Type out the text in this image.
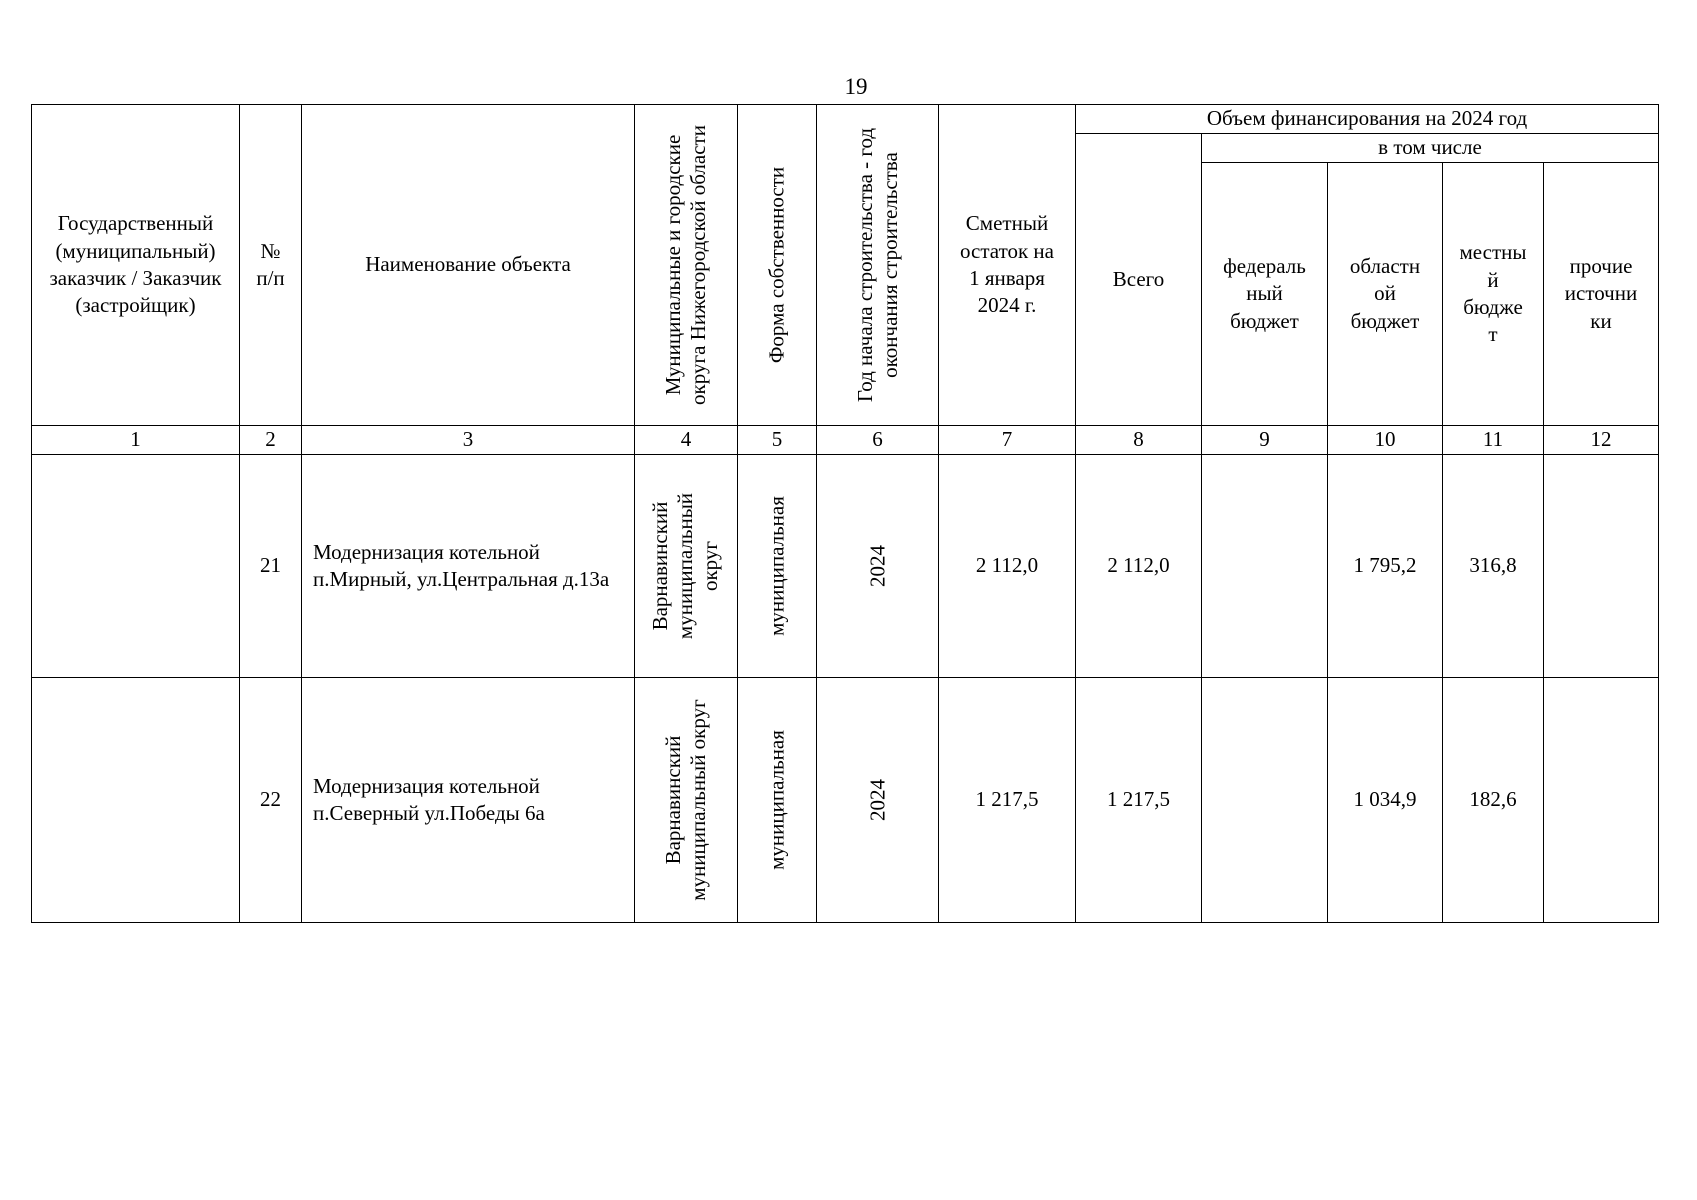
19
Государственный (муниципальный) заказчик / Заказчик (застройщик)	№ п/п	Наименование объекта	Муниципальные и городские округа Нижегородской области	Форма собственности	Год начала строительства - год окончания строительства	Сметный остаток на 1 января 2024 г.	Объем финансирования на 2024 год				
							Всего	в том числе			

								федераль ный бюджет	областн ой бюджет	местны й бюдже т	прочие источни ки

1	2	3	4	5	6	7	8	9	10	11	12
	21	Модернизация котельной п.Мирный, ул.Центральная д.13а	Варнавинский муниципальный округ	муниципальная	2024	2 112,0	2 112,0		1 795,2	316,8	
	22	Модернизация котельной п.Северный ул.Победы 6а	Варнавинский муниципальный округ	муниципальная	2024	1 217,5	1 217,5		1 034,9	182,6	
